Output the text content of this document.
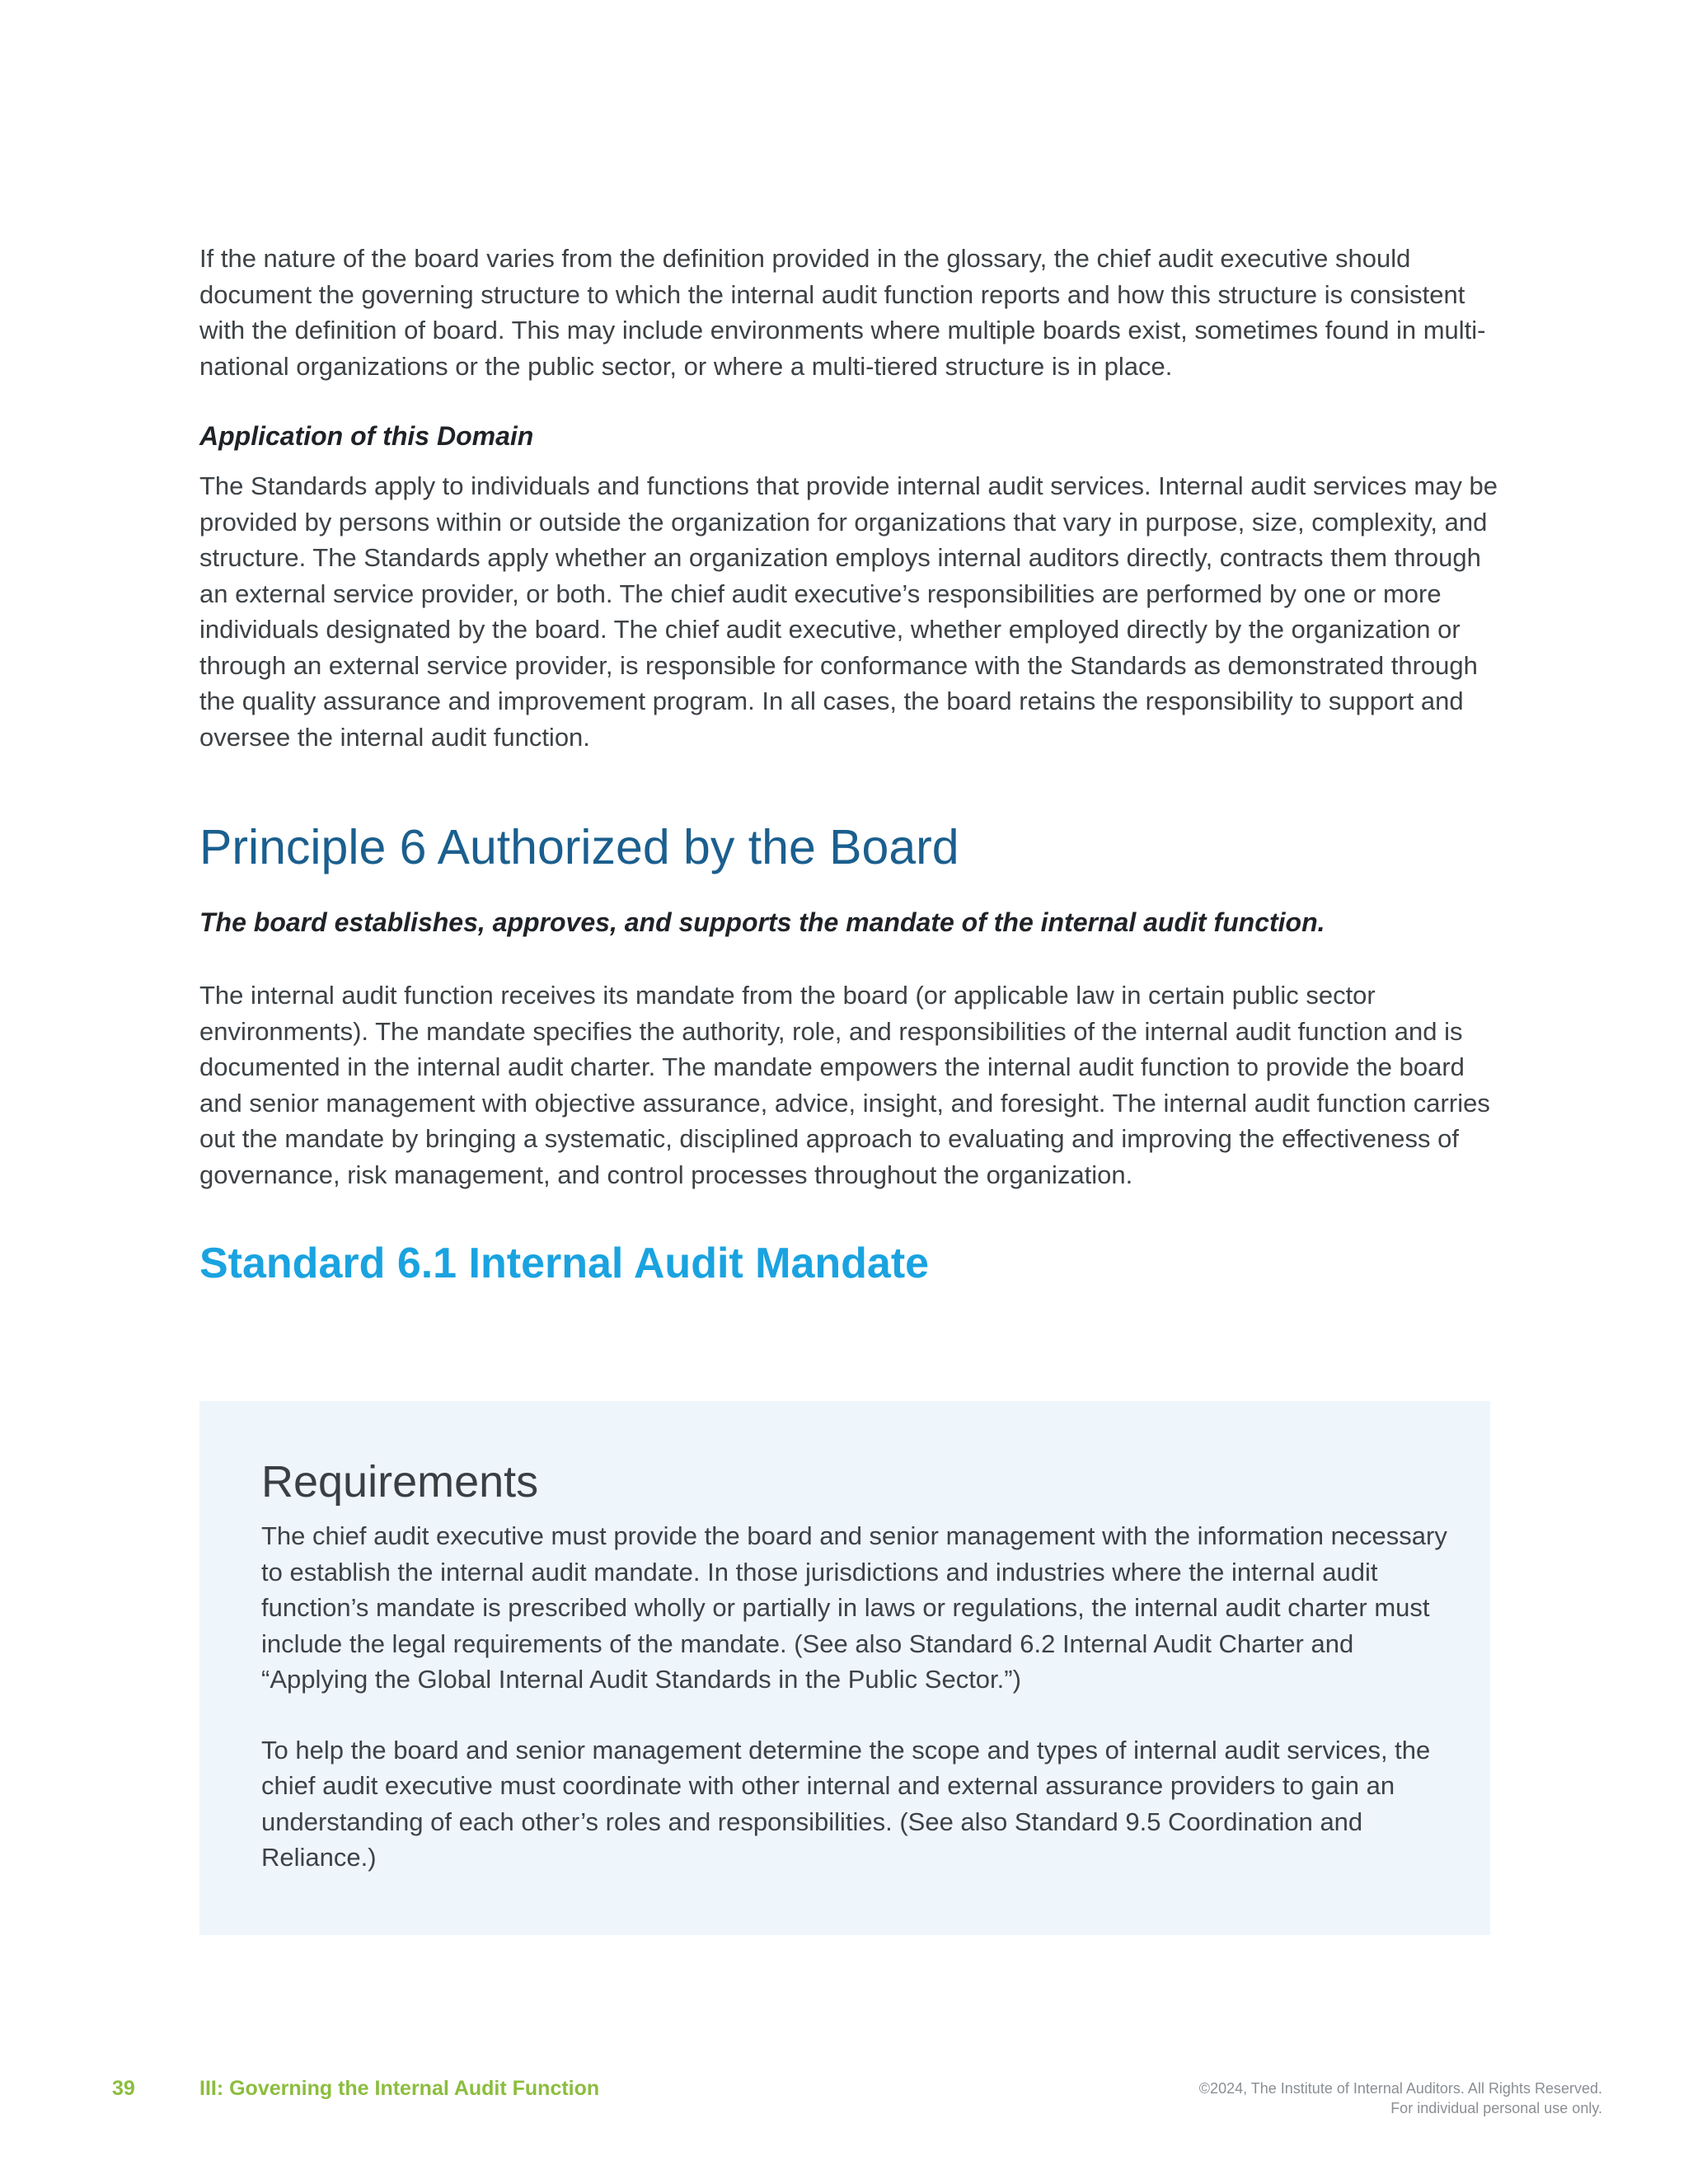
If the nature of the board varies from the definition provided in the glossary, the chief audit executive should document the governing structure to which the internal audit function reports and how this structure is consistent with the definition of board. This may include environments where multiple boards exist, sometimes found in multi-national organizations or the public sector, or where a multi-tiered structure is in place.

Application of this Domain

The Standards apply to individuals and functions that provide internal audit services. Internal audit services may be provided by persons within or outside the organization for organizations that vary in purpose, size, complexity, and structure. The Standards apply whether an organization employs internal auditors directly, contracts them through an external service provider, or both. The chief audit executive’s responsibilities are performed by one or more individuals designated by the board. The chief audit executive, whether employed directly by the organization or through an external service provider, is responsible for conformance with the Standards as demonstrated through the quality assurance and improvement program. In all cases, the board retains the responsibility to support and oversee the internal audit function.

Principle 6 Authorized by the Board

The board establishes, approves, and supports the mandate of the internal audit function.

The internal audit function receives its mandate from the board (or applicable law in certain public sector environments). The mandate specifies the authority, role, and responsibilities of the internal audit function and is documented in the internal audit charter. The mandate empowers the internal audit function to provide the board and senior management with objective assurance, advice, insight, and foresight. The internal audit function carries out the mandate by bringing a systematic, disciplined approach to evaluating and improving the effectiveness of governance, risk management, and control processes throughout the organization.

Standard 6.1 Internal Audit Mandate
Requirements

The chief audit executive must provide the board and senior management with the information necessary to establish the internal audit mandate. In those jurisdictions and industries where the internal audit function’s mandate is prescribed wholly or partially in laws or regulations, the internal audit charter must include the legal requirements of the mandate. (See also Standard 6.2 Internal Audit Charter and “Applying the Global Internal Audit Standards in the Public Sector.”)

To help the board and senior management determine the scope and types of internal audit services, the chief audit executive must coordinate with other internal and external assurance providers to gain an understanding of each other’s roles and responsibilities. (See also Standard 9.5 Coordination and Reliance.)

39	III: Governing the Internal Audit Function	©2024, The Institute of Internal Auditors. All Rights Reserved.
For individual personal use only.
